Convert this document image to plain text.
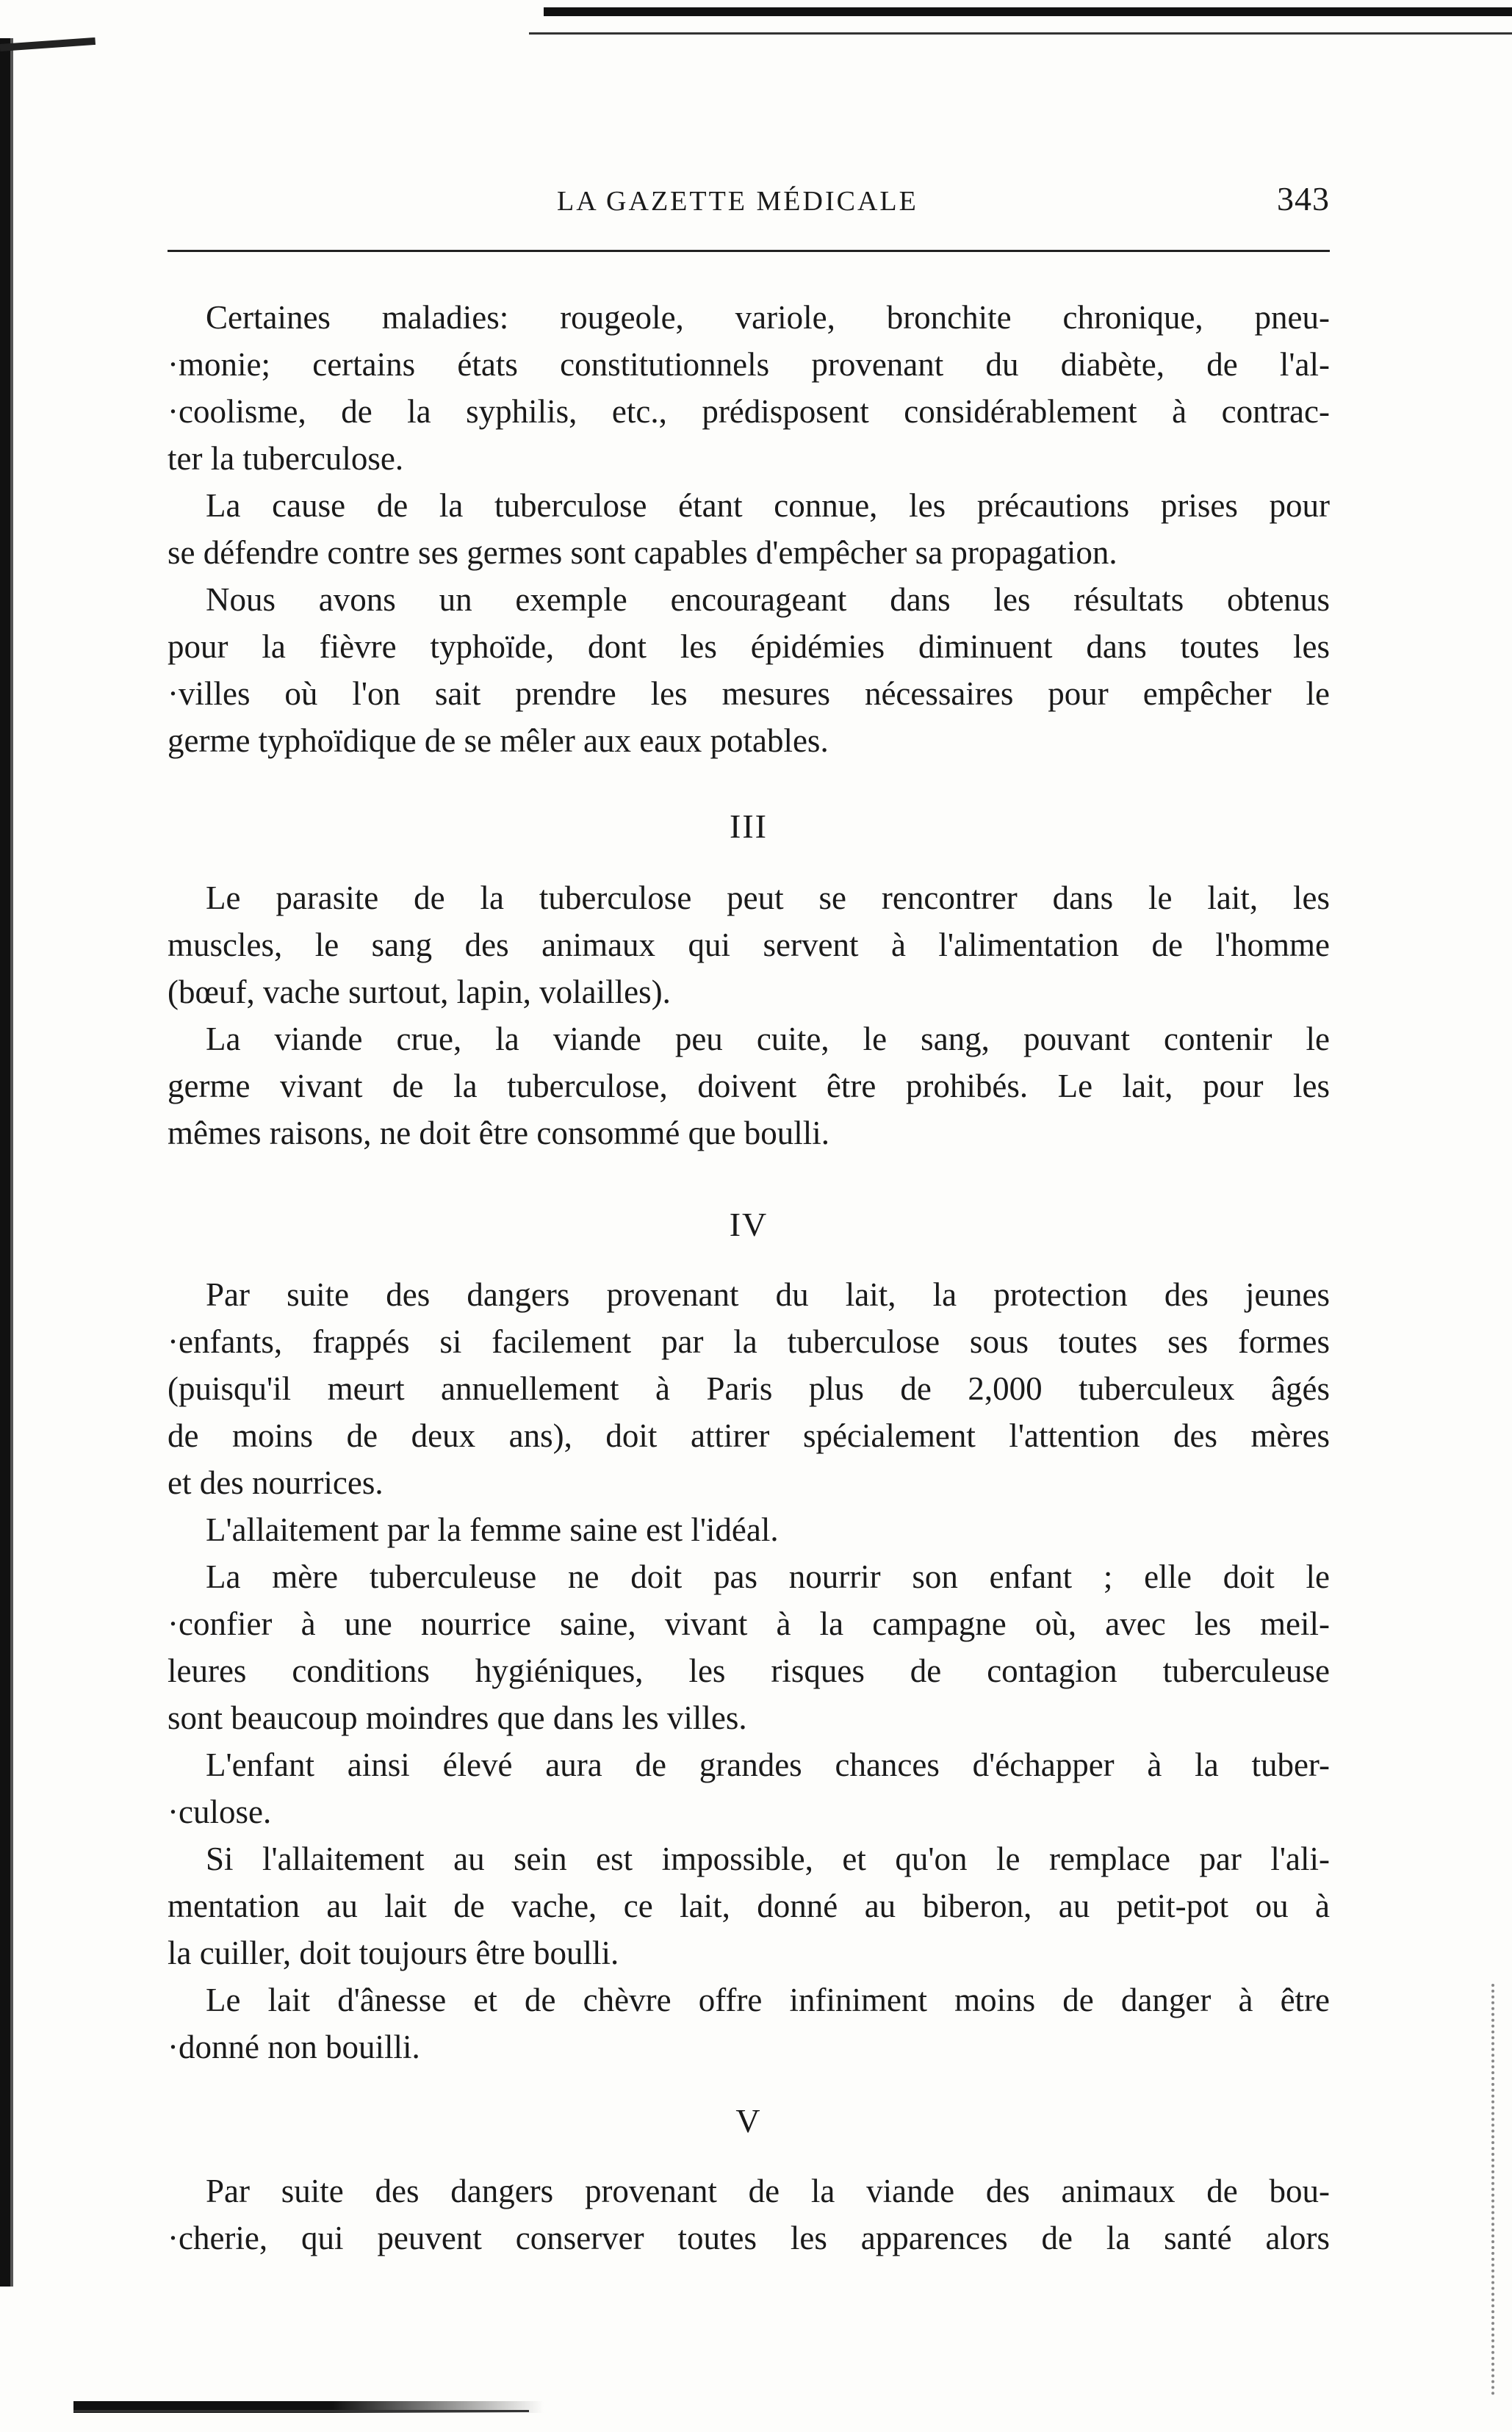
LA GAZETTE MÉDICALE	343
Certaines maladies: rougeole, variole, bronchite chronique, pneu-
·monie; certains états constitutionnels provenant du diabète, de l'al-
·coolisme, de la syphilis, etc., prédisposent considérablement à contrac-
ter la tuberculose.
La cause de la tuberculose étant connue, les précautions prises pour
se défendre contre ses germes sont capables d'empêcher sa propagation.
Nous avons un exemple encourageant dans les résultats obtenus
pour la fièvre typhoïde, dont les épidémies diminuent dans toutes les
·villes où l'on sait prendre les mesures nécessaires pour empêcher le
germe typhoïdique de se mêler aux eaux potables.
III
Le parasite de la tuberculose peut se rencontrer dans le lait, les
muscles, le sang des animaux qui servent à l'alimentation de l'homme
(bœuf, vache surtout, lapin, volailles).
La viande crue, la viande peu cuite, le sang, pouvant contenir le
germe vivant de la tuberculose, doivent être prohibés. Le lait, pour les
mêmes raisons, ne doit être consommé que boulli.
IV
Par suite des dangers provenant du lait, la protection des jeunes
·enfants, frappés si facilement par la tuberculose sous toutes ses formes
(puisqu'il meurt annuellement à Paris plus de 2,000 tuberculeux âgés
de moins de deux ans), doit attirer spécialement l'attention des mères
et des nourrices.
L'allaitement par la femme saine est l'idéal.
La mère tuberculeuse ne doit pas nourrir son enfant ; elle doit le
·confier à une nourrice saine, vivant à la campagne où, avec les meil-
leures conditions hygiéniques, les risques de contagion tuberculeuse
sont beaucoup moindres que dans les villes.
L'enfant ainsi élevé aura de grandes chances d'échapper à la tuber-
·culose.
Si l'allaitement au sein est impossible, et qu'on le remplace par l'ali-
mentation au lait de vache, ce lait, donné au biberon, au petit-pot ou à
la cuiller, doit toujours être boulli.
Le lait d'ânesse et de chèvre offre infiniment moins de danger à être
·donné non bouilli.
V
Par suite des dangers provenant de la viande des animaux de bou-
·cherie, qui peuvent conserver toutes les apparences de la santé alors
